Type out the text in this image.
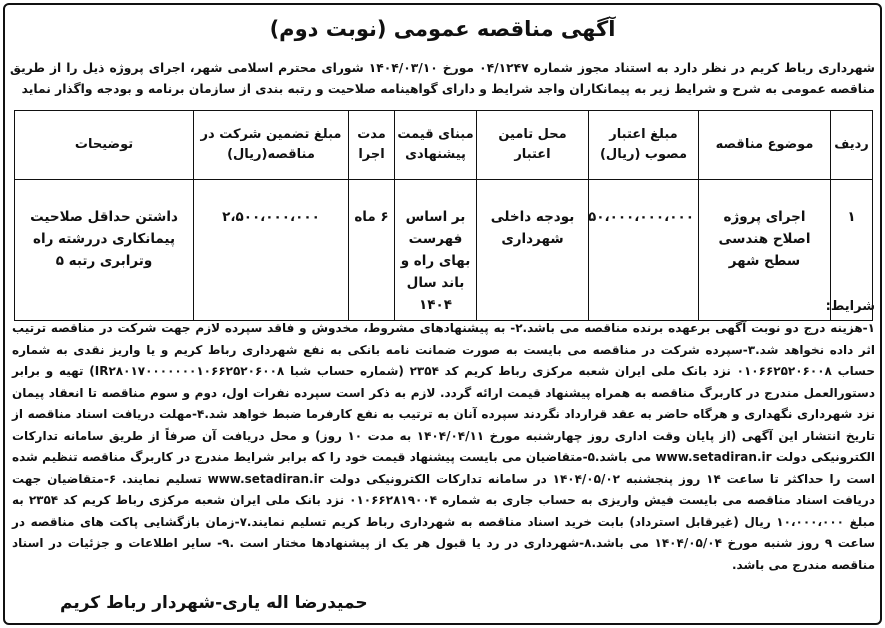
آگهی مناقصه عمومی (نوبت دوم)
شهرداری رباط کریم در نظر دارد به استناد مجوز شماره ۰۴/۱۲۴۷ مورخ ۱۴۰۴/۰۳/۱۰ شورای محترم اسلامی شهر، اجرای پروژه ذیل را از طریق مناقصه عمومی به شرح و شرایط زیر به پیمانکاران واجد شرایط و دارای گواهینامه صلاحیت و رتبه بندی از سازمان برنامه و بودجه واگذار نماید
ردیف	موضوع مناقصه	مبلغ اعتبار مصوب (ریال)	محل تامین اعتبار	مبنای قیمت پیشنهادی	مدت اجرا	مبلغ تضمین شرکت در مناقصه(ریال)	توضیحات
۱	اجرای پروژه اصلاح هندسی سطح شهر	۵۰،۰۰۰،۰۰۰،۰۰۰	بودجه داخلی شهرداری	بر اساس فهرست بهای راه و باند سال ۱۴۰۴	۶ ماه	۲،۵۰۰،۰۰۰،۰۰۰	داشتن حداقل صلاحیت پیمانکاری دررشته راه وترابری رتبه ۵
شرایط:
۱-هزینه درج دو نوبت آگهی برعهده برنده مناقصه می باشد.۲- به پیشنهادهای مشروط، مخدوش و فاقد سپرده لازم جهت شرکت در مناقصه ترتیب اثر داده نخواهد شد.۳-سپرده شرکت در مناقصه می بایست به صورت ضمانت نامه بانکی به نفع شهرداری رباط کریم و یا واریز نقدی به شماره حساب ۰۱۰۶۶۲۵۲۰۶۰۰۸ نزد بانک ملی ایران شعبه مرکزی رباط کریم کد ۲۳۵۴ (شماره حساب شبا IR۲۸۰۱۷۰۰۰۰۰۰۰۱۰۶۶۲۵۲۰۶۰۰۸) تهیه و برابر دستورالعمل مندرج در کاربرگ مناقصه به همراه پیشنهاد قیمت ارائه گردد. لازم به ذکر است سپرده نفرات اول، دوم و سوم مناقصه تا انعقاد پیمان نزد شهرداری نگهداری و هرگاه حاضر به عقد قرارداد نگردند سپرده آنان به ترتیب به نفع کارفرما ضبط خواهد شد.۴-مهلت دریافت اسناد مناقصه از تاریخ انتشار این آگهی (از پایان وقت اداری روز چهارشنبه مورخ ۱۴۰۴/۰۴/۱۱ به مدت ۱۰ روز) و محل دریافت آن صرفاً از طریق سامانه تدارکات الکترونیکی دولت www.setadiran.ir می باشد.۵-متقاضیان می بایست پیشنهاد قیمت خود را که برابر شرایط مندرج در کاربرگ مناقصه تنظیم شده است را حداکثر تا ساعت ۱۴ روز پنجشنبه ۱۴۰۴/۰۵/۰۲ در سامانه تدارکات الکترونیکی دولت www.setadiran.ir تسلیم نمایند. ۶-متقاضیان جهت دریافت اسناد مناقصه می بایست فیش واریزی به حساب جاری به شماره ۰۱۰۶۶۲۸۱۹۰۰۴ نزد بانک ملی ایران شعبه مرکزی رباط کریم کد ۲۳۵۴ به مبلغ ۱۰،۰۰۰،۰۰۰ ریال (غیرقابل استرداد) بابت خرید اسناد مناقصه به شهرداری رباط کریم تسلیم نمایند.۷-زمان بازگشایی پاکت های مناقصه در ساعت ۹ روز شنبه مورخ ۱۴۰۴/۰۵/۰۴ می باشد.۸-شهرداری در رد یا قبول هر یک از پیشنهادها مختار است .۹- سایر اطلاعات و جزئیات در اسناد مناقصه مندرج می باشد.
حمیدرضا اله یاری-شهردار رباط کریم
